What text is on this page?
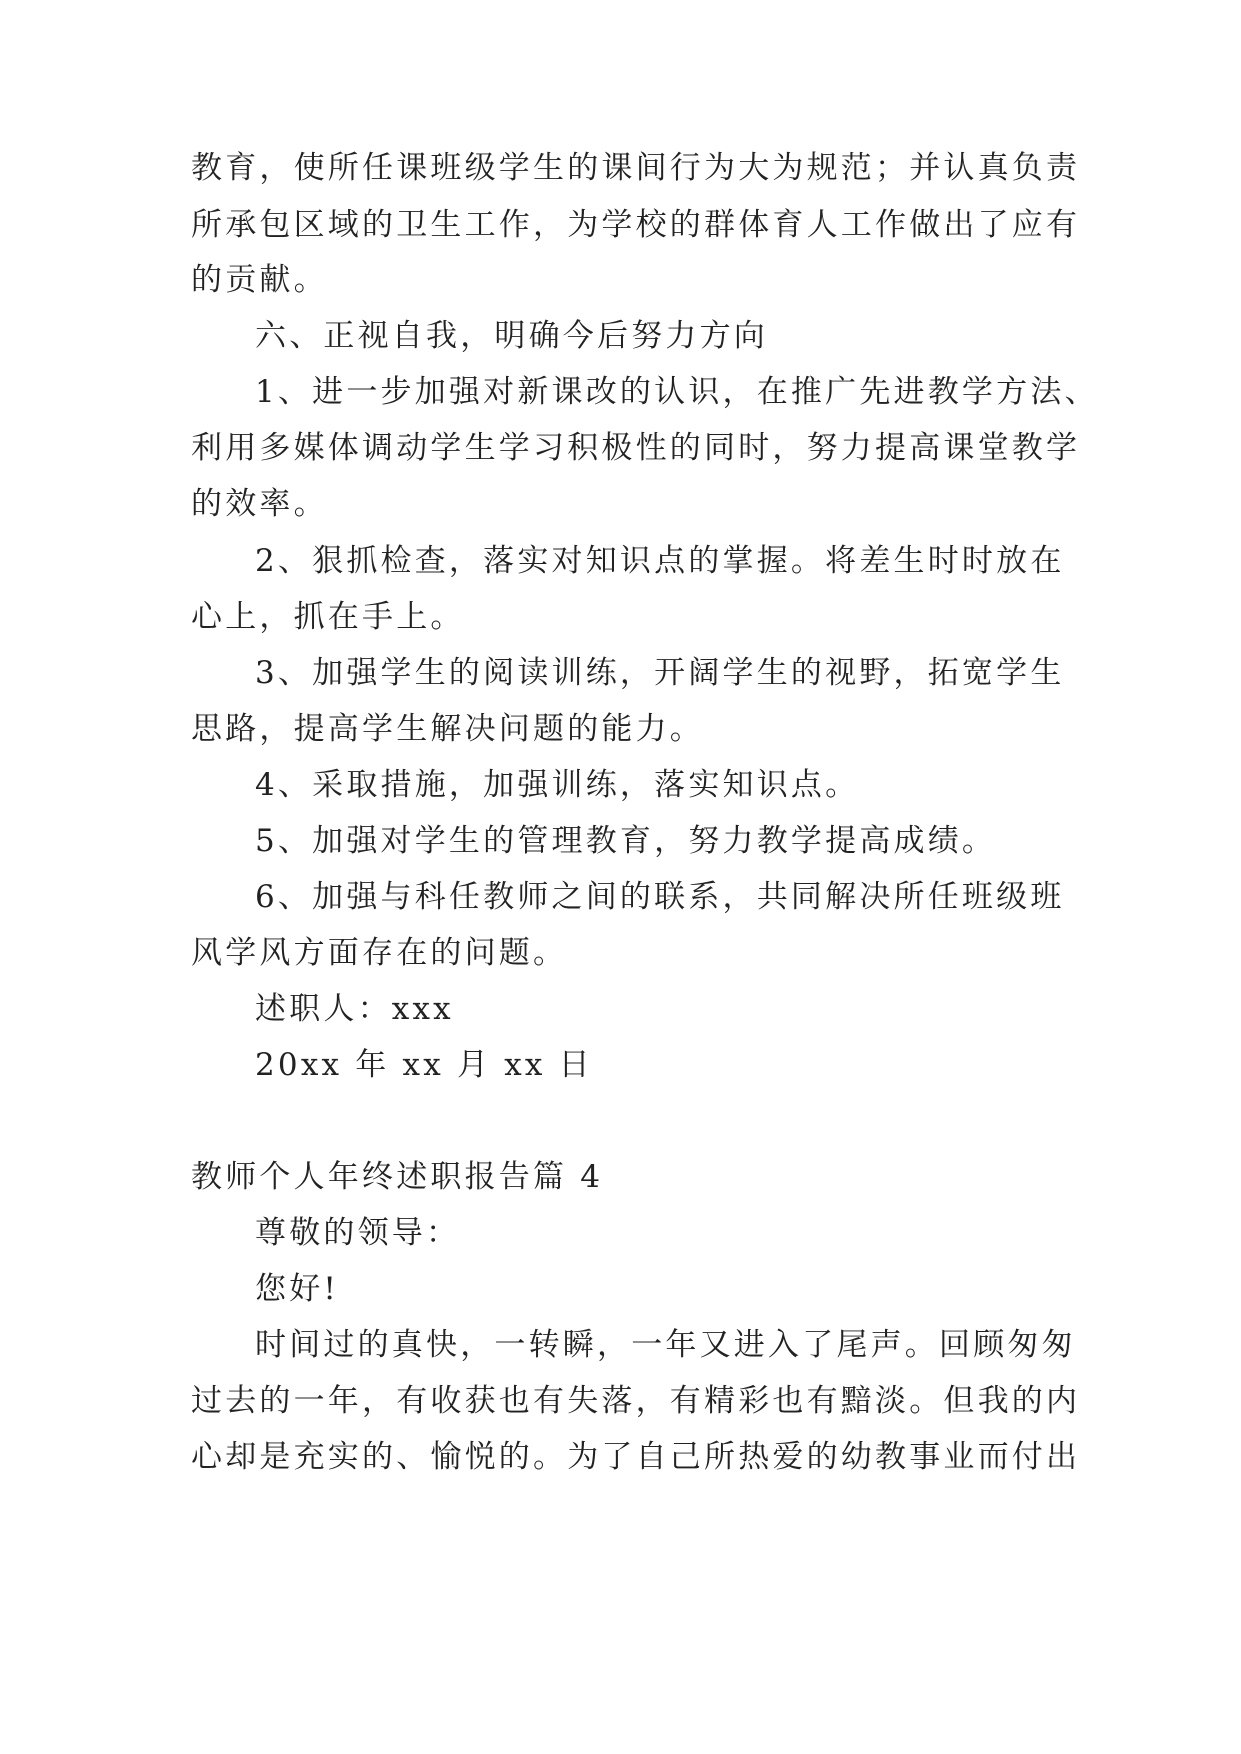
教育，使所任课班级学生的课间行为大为规范；并认真负责
所承包区域的卫生工作，为学校的群体育人工作做出了应有
的贡献。
六、正视自我，明确今后努力方向
1、进一步加强对新课改的认识，在推广先进教学方法、
利用多媒体调动学生学习积极性的同时，努力提高课堂教学
的效率。
2、狠抓检查，落实对知识点的掌握。将差生时时放在
心上，抓在手上。
3、加强学生的阅读训练，开阔学生的视野，拓宽学生
思路，提高学生解决问题的能力。
4、采取措施，加强训练，落实知识点。
5、加强对学生的管理教育，努力教学提高成绩。
6、加强与科任教师之间的联系，共同解决所任班级班
风学风方面存在的问题。
述职人：xxx
20xx 年 xx 月 xx 日
教师个人年终述职报告篇 4
尊敬的领导：
您好!
时间过的真快，一转瞬，一年又进入了尾声。回顾匆匆
过去的一年，有收获也有失落，有精彩也有黯淡。但我的内
心却是充实的、愉悦的。为了自己所热爱的幼教事业而付出
